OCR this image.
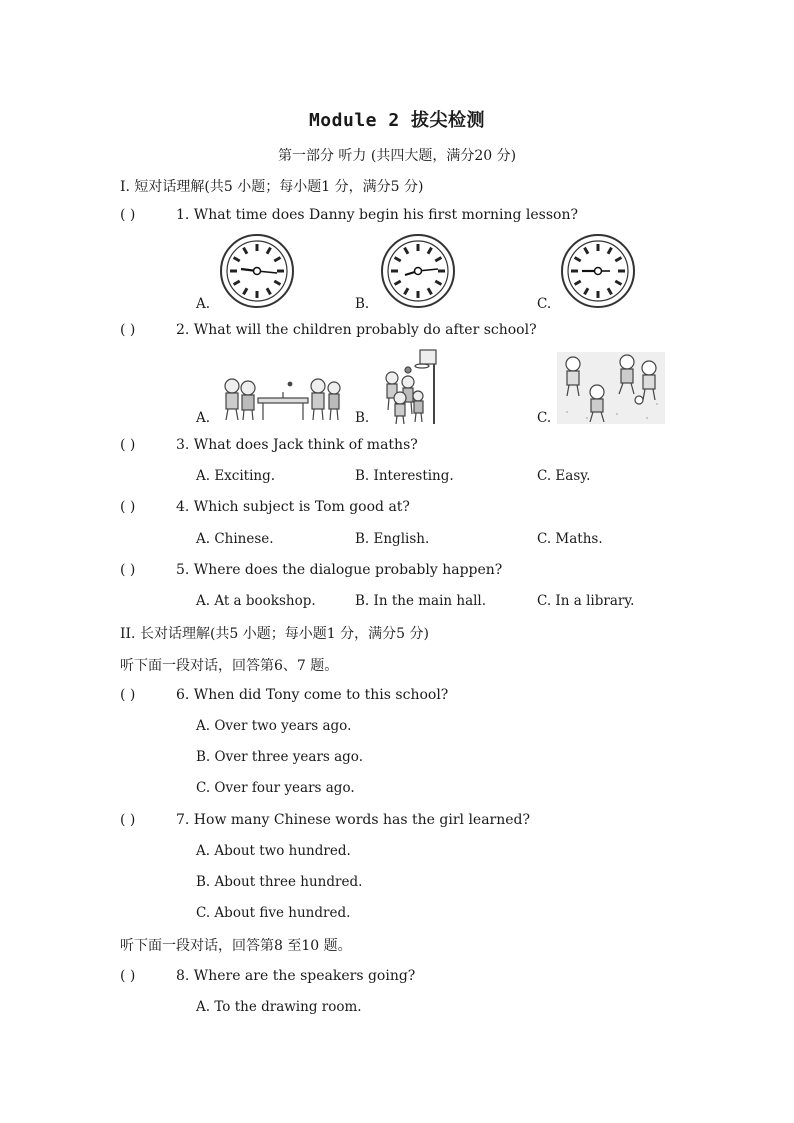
Module 2 拔尖检测
第一部分 听力 (共四大题，满分20 分)
I. 短对话理解(共5 小题；每小题1 分，满分5 分)
( )	1. What time does Danny begin his first morning lesson?
A.	B.	C.
( )	2. What will the children probably do after school?
A.	B.	C.
( )	3. What does Jack think of maths?
A. Exciting.	B. Interesting.	C. Easy.
( )	4. Which subject is Tom good at?
A. Chinese.	B. English.	C. Maths.
( )	5. Where does the dialogue probably happen?
A. At a bookshop.	B. In the main hall.	C. In a library.
II. 长对话理解(共5 小题；每小题1 分，满分5 分)
听下面一段对话，回答第6、7 题。
( )	6. When did Tony come to this school?
A. Over two years ago.
B. Over three years ago.
C. Over four years ago.
( )	7. How many Chinese words has the girl learned?
A. About two hundred.
B. About three hundred.
C. About five hundred.
听下面一段对话，回答第8 至10 题。
( )	8. Where are the speakers going?
A. To the drawing room.
